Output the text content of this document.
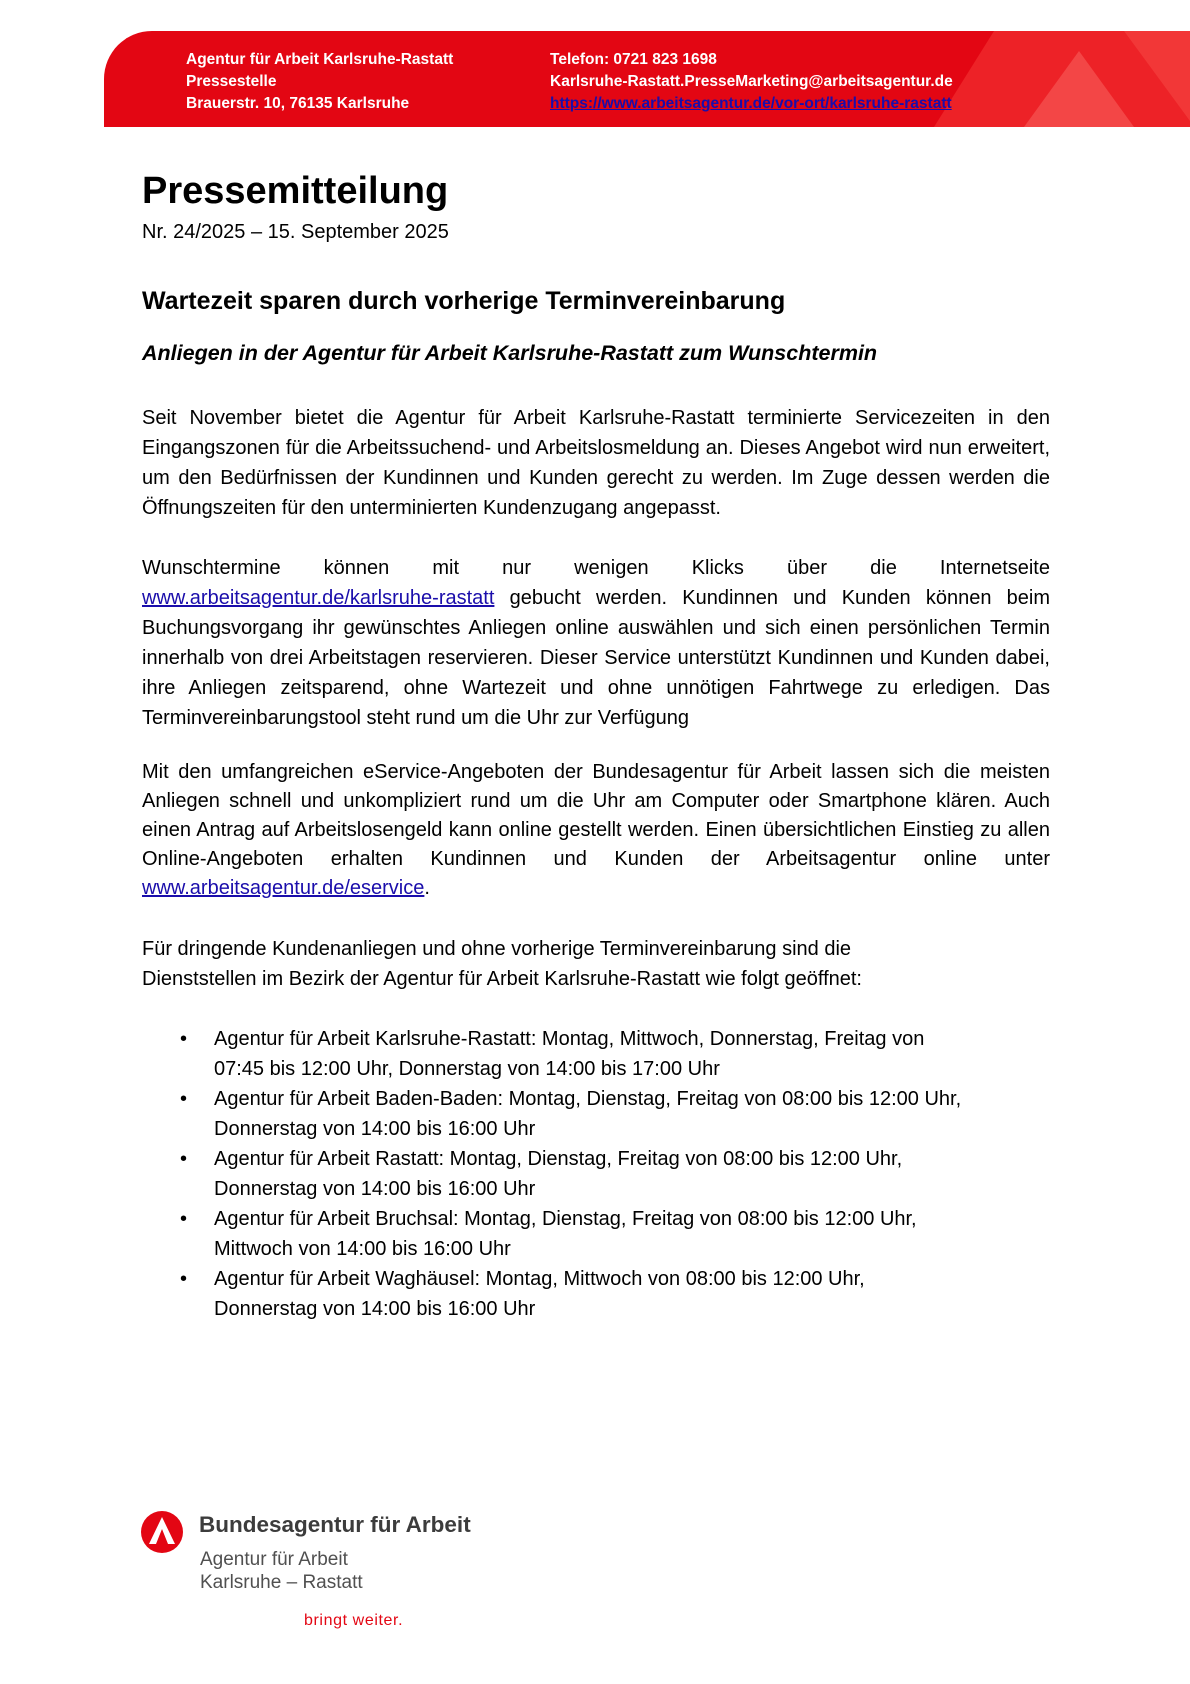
Agentur für Arbeit Karlsruhe-Rastatt
Pressestelle
Brauerstr. 10, 76135 Karlsruhe
Telefon: 0721 823 1698
Karlsruhe-Rastatt.PresseMarketing@arbeitsagentur.de
https://www.arbeitsagentur.de/vor-ort/karlsruhe-rastatt
Pressemitteilung
Nr. 24/2025 – 15. September 2025
Wartezeit sparen durch vorherige Terminvereinbarung
Anliegen in der Agentur für Arbeit Karlsruhe-Rastatt zum Wunschtermin

Seit November bietet die Agentur für Arbeit Karlsruhe-Rastatt terminierte Servicezeiten in den Eingangszonen für die Arbeitssuchend- und Arbeitslosmeldung an. Dieses Angebot wird nun erweitert, um den Bedürfnissen der Kundinnen und Kunden gerecht zu werden. Im Zuge dessen werden die Öffnungszeiten für den unterminierten Kundenzugang angepasst.

Wunschtermine können mit nur wenigen Klicks über die Internetseite www.arbeitsagentur.de/karlsruhe-rastatt gebucht werden. Kundinnen und Kunden können beim Buchungsvorgang ihr gewünschtes Anliegen online auswählen und sich einen persönlichen Termin innerhalb von drei Arbeitstagen reservieren. Dieser Service unterstützt Kundinnen und Kunden dabei, ihre Anliegen zeitsparend, ohne Wartezeit und ohne unnötigen Fahrtwege zu erledigen. Das Terminvereinbarungstool steht rund um die Uhr zur Verfügung

Mit den umfangreichen eService-Angeboten der Bundesagentur für Arbeit lassen sich die meisten Anliegen schnell und unkompliziert rund um die Uhr am Computer oder Smartphone klären. Auch einen Antrag auf Arbeitslosengeld kann online gestellt werden. Einen übersichtlichen Einstieg zu allen Online-Angeboten erhalten Kundinnen und Kunden der Arbeitsagentur online unter www.arbeitsagentur.de/eservice.

Für dringende Kundenanliegen und ohne vorherige Terminvereinbarung sind die
Dienststellen im Bezirk der Agentur für Arbeit Karlsruhe-Rastatt wie folgt geöffnet:

• Agentur für Arbeit Karlsruhe-Rastatt: Montag, Mittwoch, Donnerstag, Freitag von
07:45 bis 12:00 Uhr, Donnerstag von 14:00 bis 17:00 Uhr
• Agentur für Arbeit Baden-Baden: Montag, Dienstag, Freitag von 08:00 bis 12:00 Uhr,
Donnerstag von 14:00 bis 16:00 Uhr
• Agentur für Arbeit Rastatt: Montag, Dienstag, Freitag von 08:00 bis 12:00 Uhr,
Donnerstag von 14:00 bis 16:00 Uhr
• Agentur für Arbeit Bruchsal: Montag, Dienstag, Freitag von 08:00 bis 12:00 Uhr,
Mittwoch von 14:00 bis 16:00 Uhr
• Agentur für Arbeit Waghäusel: Montag, Mittwoch von 08:00 bis 12:00 Uhr,
Donnerstag von 14:00 bis 16:00 Uhr
Bundesagentur für Arbeit
Agentur für Arbeit
Karlsruhe – Rastatt
bringt weiter.
